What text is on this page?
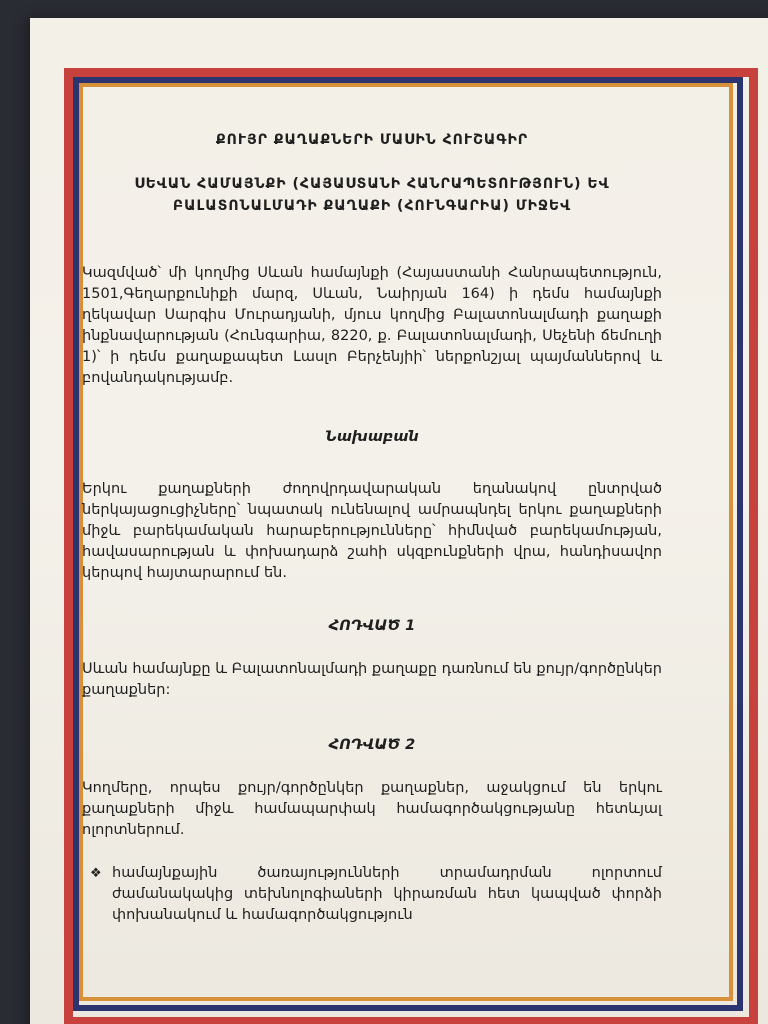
ՔՈՒՅՐ ՔԱՂԱՔՆԵՐԻ ՄԱՍԻՆ ՀՈՒՇԱԳԻՐ

ՍԵՎԱՆ ՀԱՄԱՅՆՔԻ (ՀԱՅԱՍՏԱՆԻ ՀԱՆՐԱՊԵՏՈՒԹՅՈՒՆ) ԵՎ ԲԱԼԱՏՈՆԱԼՄԱԴԻ ՔԱՂԱՔԻ (ՀՈՒՆԳԱՐԻԱ) ՄԻՋԵՎ

Կազմված՝ մի կողմից Սևան համայնքի (Հայաստանի Հանրապետություն, 1501,Գեղարքունիքի մարզ, Սևան, Նաիրյան 164) ի դեմս համայնքի ղեկավար Սարգիս Մուրադյանի, մյուս կողմից Բալատոնալմադի քաղաքի ինքնավարության (Հունգարիա, 8220, ք. Բալատոնալմադի, Սեչենի ճեմուղի 1)՝ ի դեմս քաղաքապետ Լասլո Բերչենյիի՝ ներքոնշյալ պայմաններով և բովանդակությամբ.

Նախաբան

Երկու քաղաքների ժողովրդավարական եղանակով ընտրված ներկայացուցիչները՝ նպատակ ունենալով ամրապնդել երկու քաղաքների միջև բարեկամական հարաբերությունները՝ հիմնված բարեկամության, հավասարության և փոխադարձ շահի սկզբունքների վրա, հանդիսավոր կերպով հայտարարում են.

ՀՈԴՎԱԾ 1

Սևան համայնքը և Բալատոնալմադի քաղաքը դառնում են քույր/գործընկեր քաղաքներ:

ՀՈԴՎԱԾ 2

Կողմերը, որպես քույր/գործընկեր քաղաքներ, աջակցում են երկու քաղաքների միջև համապարփակ համագործակցությանը հետևյալ ոլորտներում.

❖ համայնքային ծառայությունների տրամադրման ոլորտում ժամանակակից տեխնոլոգիաների կիրառման հետ կապված փորձի փոխանակում և համագործակցություն
